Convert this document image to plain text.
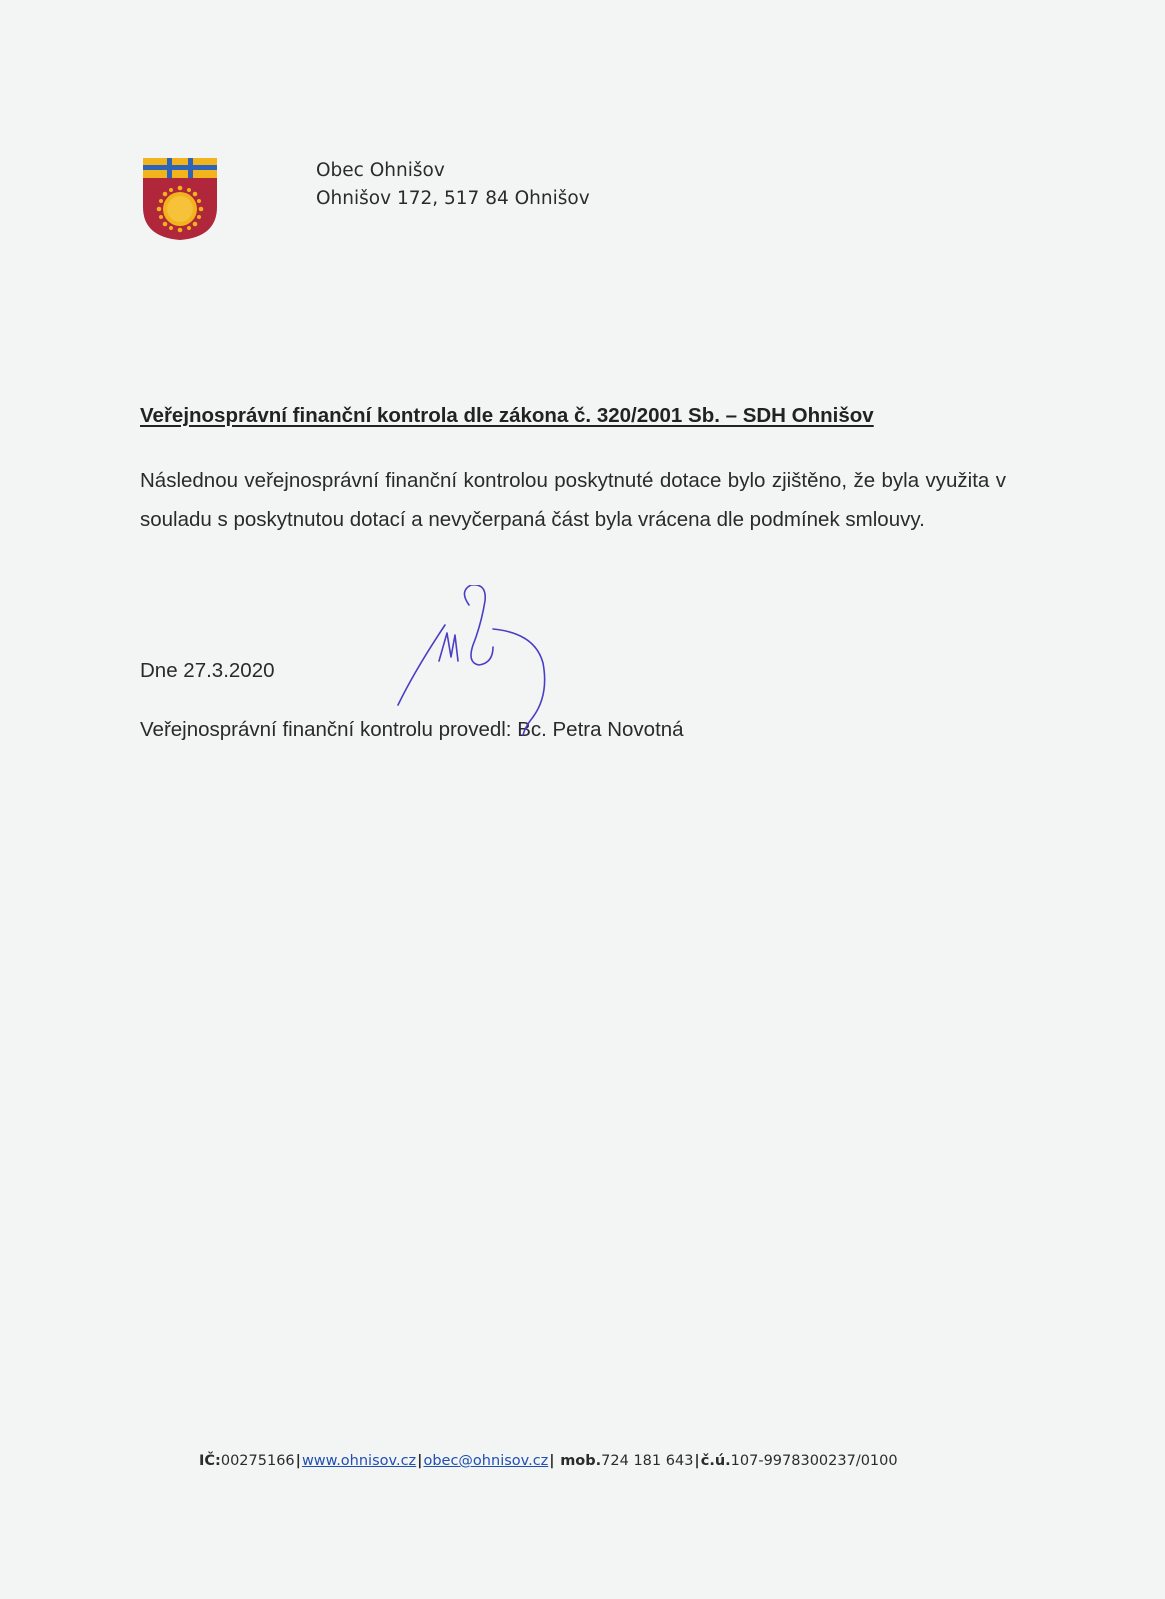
Obec Ohnišov
Ohnišov 172, 517 84 Ohnišov
Veřejnosprávní finanční kontrola dle zákona č. 320/2001 Sb. – SDH Ohnišov
Následnou veřejnosprávní finanční kontrolou poskytnuté dotace bylo zjištěno, že byla využita v souladu s poskytnutou dotací a nevyčerpaná část byla vrácena dle podmínek smlouvy.
Dne 27.3.2020
Veřejnosprávní finanční kontrolu provedl: Bc. Petra Novotná
IČ:00275166|www.ohnisov.cz|obec@ohnisov.cz| mob.724 181 643|č.ú.107-9978300237/0100
